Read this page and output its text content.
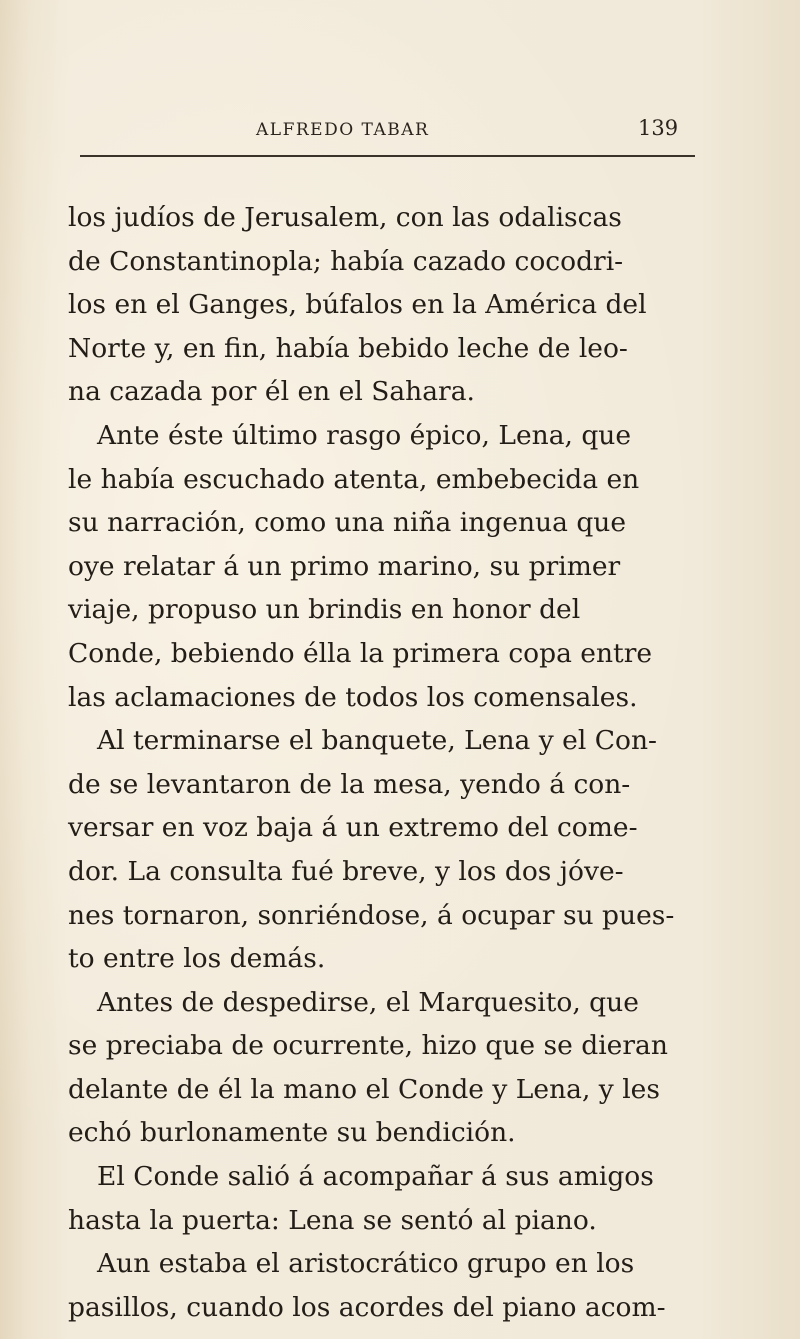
ALFREDO TABAR	139
los judíos de Jerusalem, con las odaliscas
de Constantinopla; había cazado cocodri-
los en el Ganges, búfalos en la América del
Norte y, en fin, había bebido leche de leo-
na cazada por él en el Sahara.
Ante éste último rasgo épico, Lena, que
le había escuchado atenta, embebecida en
su narración, como una niña ingenua que
oye relatar á un primo marino, su primer
viaje, propuso un brindis en honor del
Conde, bebiendo élla la primera copa entre
las aclamaciones de todos los comensales.
Al terminarse el banquete, Lena y el Con-
de se levantaron de la mesa, yendo á con-
versar en voz baja á un extremo del come-
dor. La consulta fué breve, y los dos jóve-
nes tornaron, sonriéndose, á ocupar su pues-
to entre los demás.
Antes de despedirse, el Marquesito, que
se preciaba de ocurrente, hizo que se dieran
delante de él la mano el Conde y Lena, y les
echó burlonamente su bendición.
El Conde salió á acompañar á sus amigos
hasta la puerta: Lena se sentó al piano.
Aun estaba el aristocrático grupo en los
pasillos, cuando los acordes del piano acom-
